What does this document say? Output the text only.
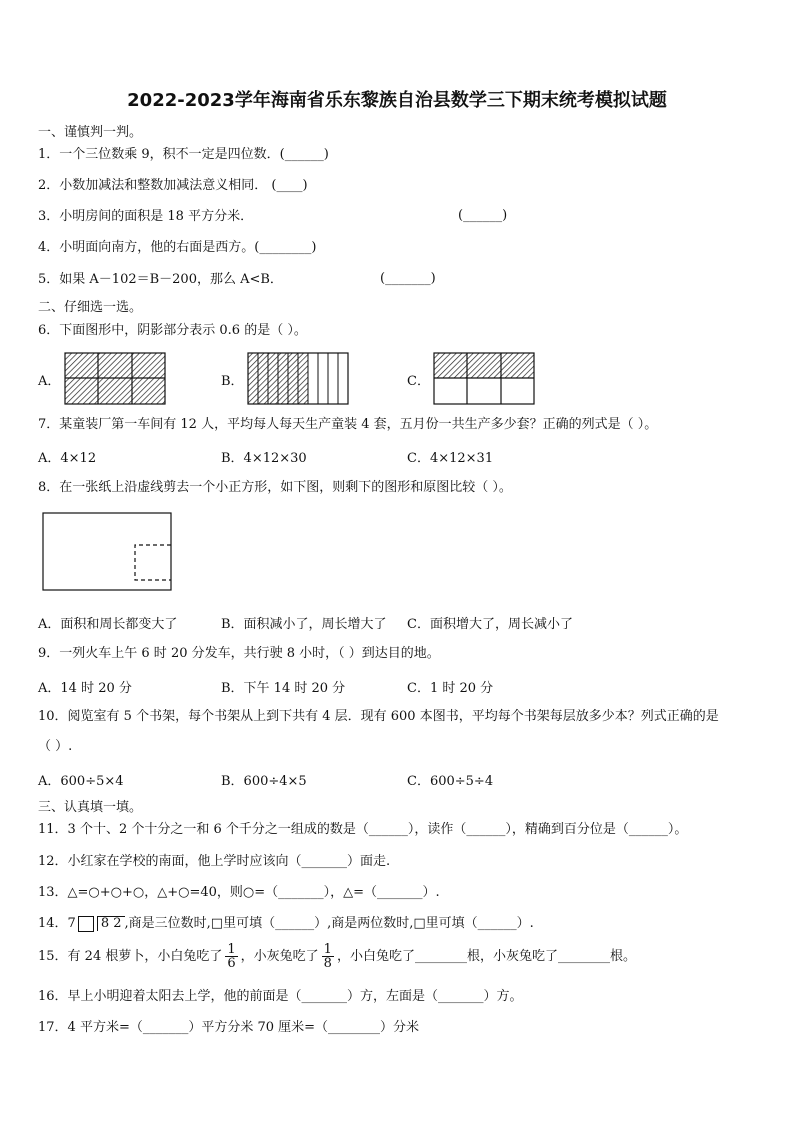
2022-2023学年海南省乐东黎族自治县数学三下期末统考模拟试题
一、谨慎判一判。
1．一个三位数乘 9，积不一定是四位数．(______)
2．小数加减法和整数加减法意义相同． (____)
3．小明房间的面积是 18 平方分米．	(______)
4．小明面向南方，他的右面是西方。(________)
5．如果 A－102＝B－200，那么 A<B．	(_______)
二、仔细选一选。
6．下面图形中，阴影部分表示 0.6 的是（ ）。
A．	B．	C．
7．某童装厂第一车间有 12 人，平均每人每天生产童装 4 套，五月份一共生产多少套？正确的列式是（ ）。
A．4×12	B．4×12×30	C．4×12×31
8．在一张纸上沿虚线剪去一个小正方形，如下图，则剩下的图形和原图比较（ ）。
A．面积和周长都变大了	B．面积减小了，周长增大了 C．面积增大了，周长减小了
9．一列火车上午 6 时 20 分发车，共行驶 8 小时，（ ）到达目的地。
A．14 时 20 分	B．下午 14 时 20 分	C．1 时 20 分
10．阅览室有 5 个书架，每个书架从上到下共有 4 层．现有 600 本图书，平均每个书架每层放多少本？列式正确的是
（ ）.
A．600÷5×4	B．600÷4×5	C．600÷5÷4
三、认真填一填。
11．3 个十、2 个十分之一和 6 个千分之一组成的数是（______），读作（______），精确到百分位是（______）。
12．小红家在学校的南面，他上学时应该向（_______）面走.
13．△=○+○+○，△+○=40，则○=（_______），△=（_______）.
14．7 8 2 ,商是三位数时,□里可填（______）,商是两位数时,□里可填（______）.
15．有 24 根萝卜，小白兔吃了 $\frac{1}{6}$ ，小灰兔吃了 $\frac{1}{8}$ ，小白兔吃了________根，小灰兔吃了________根。
16．早上小明迎着太阳去上学，他的前面是（_______）方，左面是（_______）方。
17．4 平方米=（_______）平方分米 70 厘米=（________）分米
